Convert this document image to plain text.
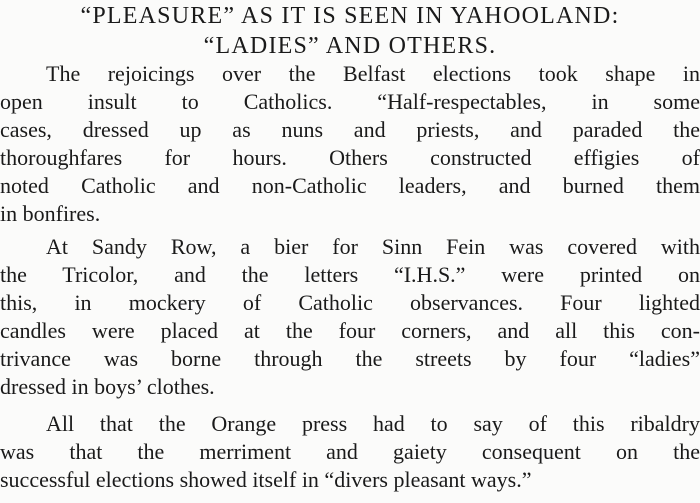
“PLEASURE” AS IT IS SEEN IN YAHOOLAND:
“LADIES” AND OTHERS.
The rejoicings over the Belfast elections took shape in
open insult to Catholics. “Half-respectables, in some
cases, dressed up as nuns and priests, and paraded the
thoroughfares for hours. Others constructed effigies of
noted Catholic and non-Catholic leaders, and burned them
in bonfires.
At Sandy Row, a bier for Sinn Fein was covered with
the Tricolor, and the letters “I.H.S.” were printed on
this, in mockery of Catholic observances. Four lighted
candles were placed at the four corners, and all this con-
trivance was borne through the streets by four “ladies”
dressed in boys’ clothes.
All that the Orange press had to say of this ribaldry
was that the merriment and gaiety consequent on the
successful elections showed itself in “divers pleasant ways.”
